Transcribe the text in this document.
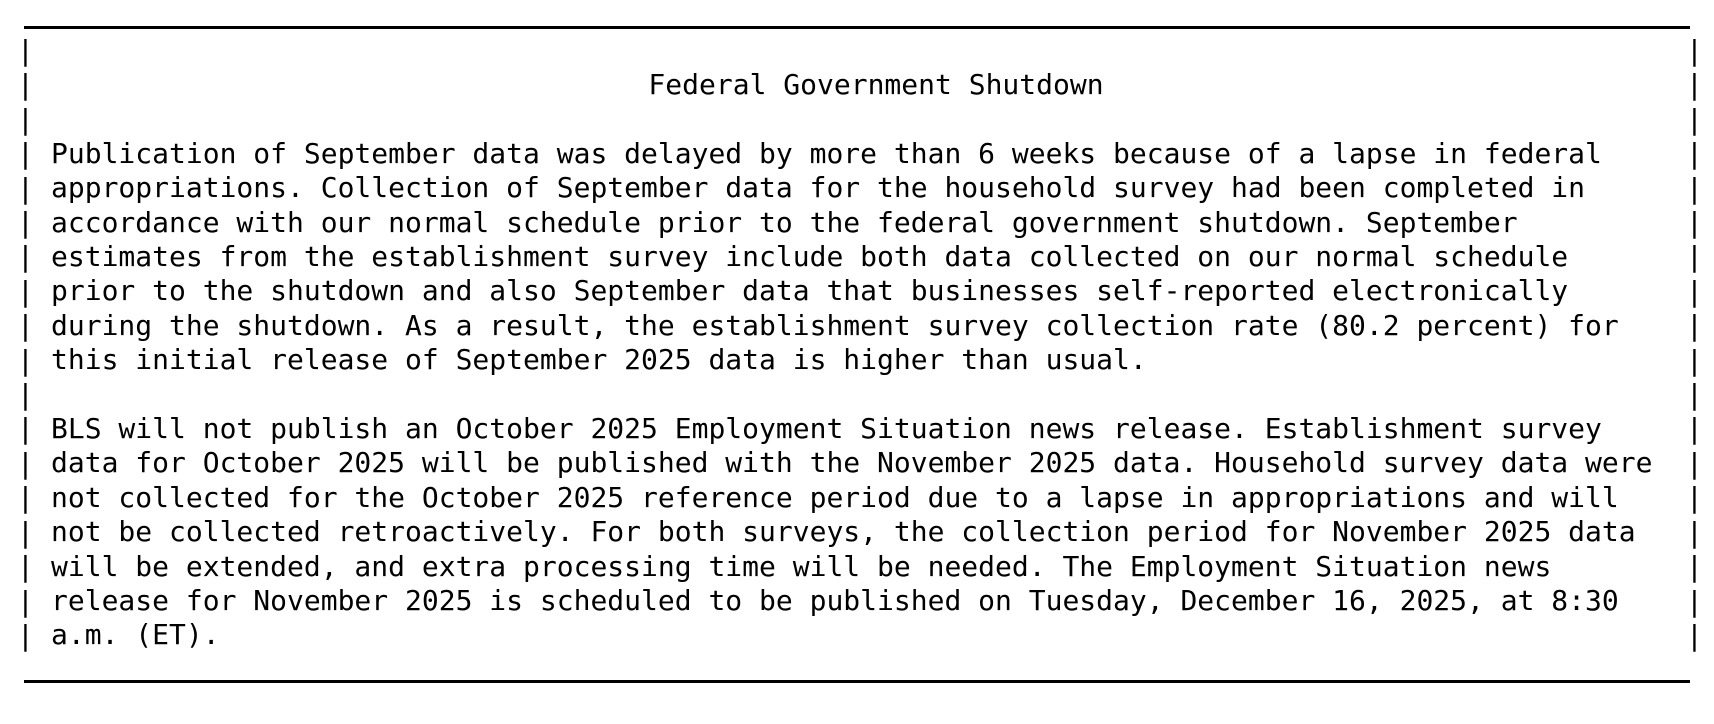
|
|
|
|
|
|
|
|
|
|
|
|
|
|
|
|
|
|
|
|
|
|
|
|
|
|
|
|
|
|
|
|
|
|
|
|
Federal Government Shutdown
Publication of September data was delayed by more than 6 weeks because of a lapse in federal
appropriations. Collection of September data for the household survey had been completed in
accordance with our normal schedule prior to the federal government shutdown. September
estimates from the establishment survey include both data collected on our normal schedule
prior to the shutdown and also September data that businesses self-reported electronically
during the shutdown. As a result, the establishment survey collection rate (80.2 percent) for
this initial release of September 2025 data is higher than usual.
BLS will not publish an October 2025 Employment Situation news release. Establishment survey
data for October 2025 will be published with the November 2025 data. Household survey data were
not collected for the October 2025 reference period due to a lapse in appropriations and will
not be collected retroactively. For both surveys, the collection period for November 2025 data
will be extended, and extra processing time will be needed. The Employment Situation news
release for November 2025 is scheduled to be published on Tuesday, December 16, 2025, at 8:30
a.m. (ET).
